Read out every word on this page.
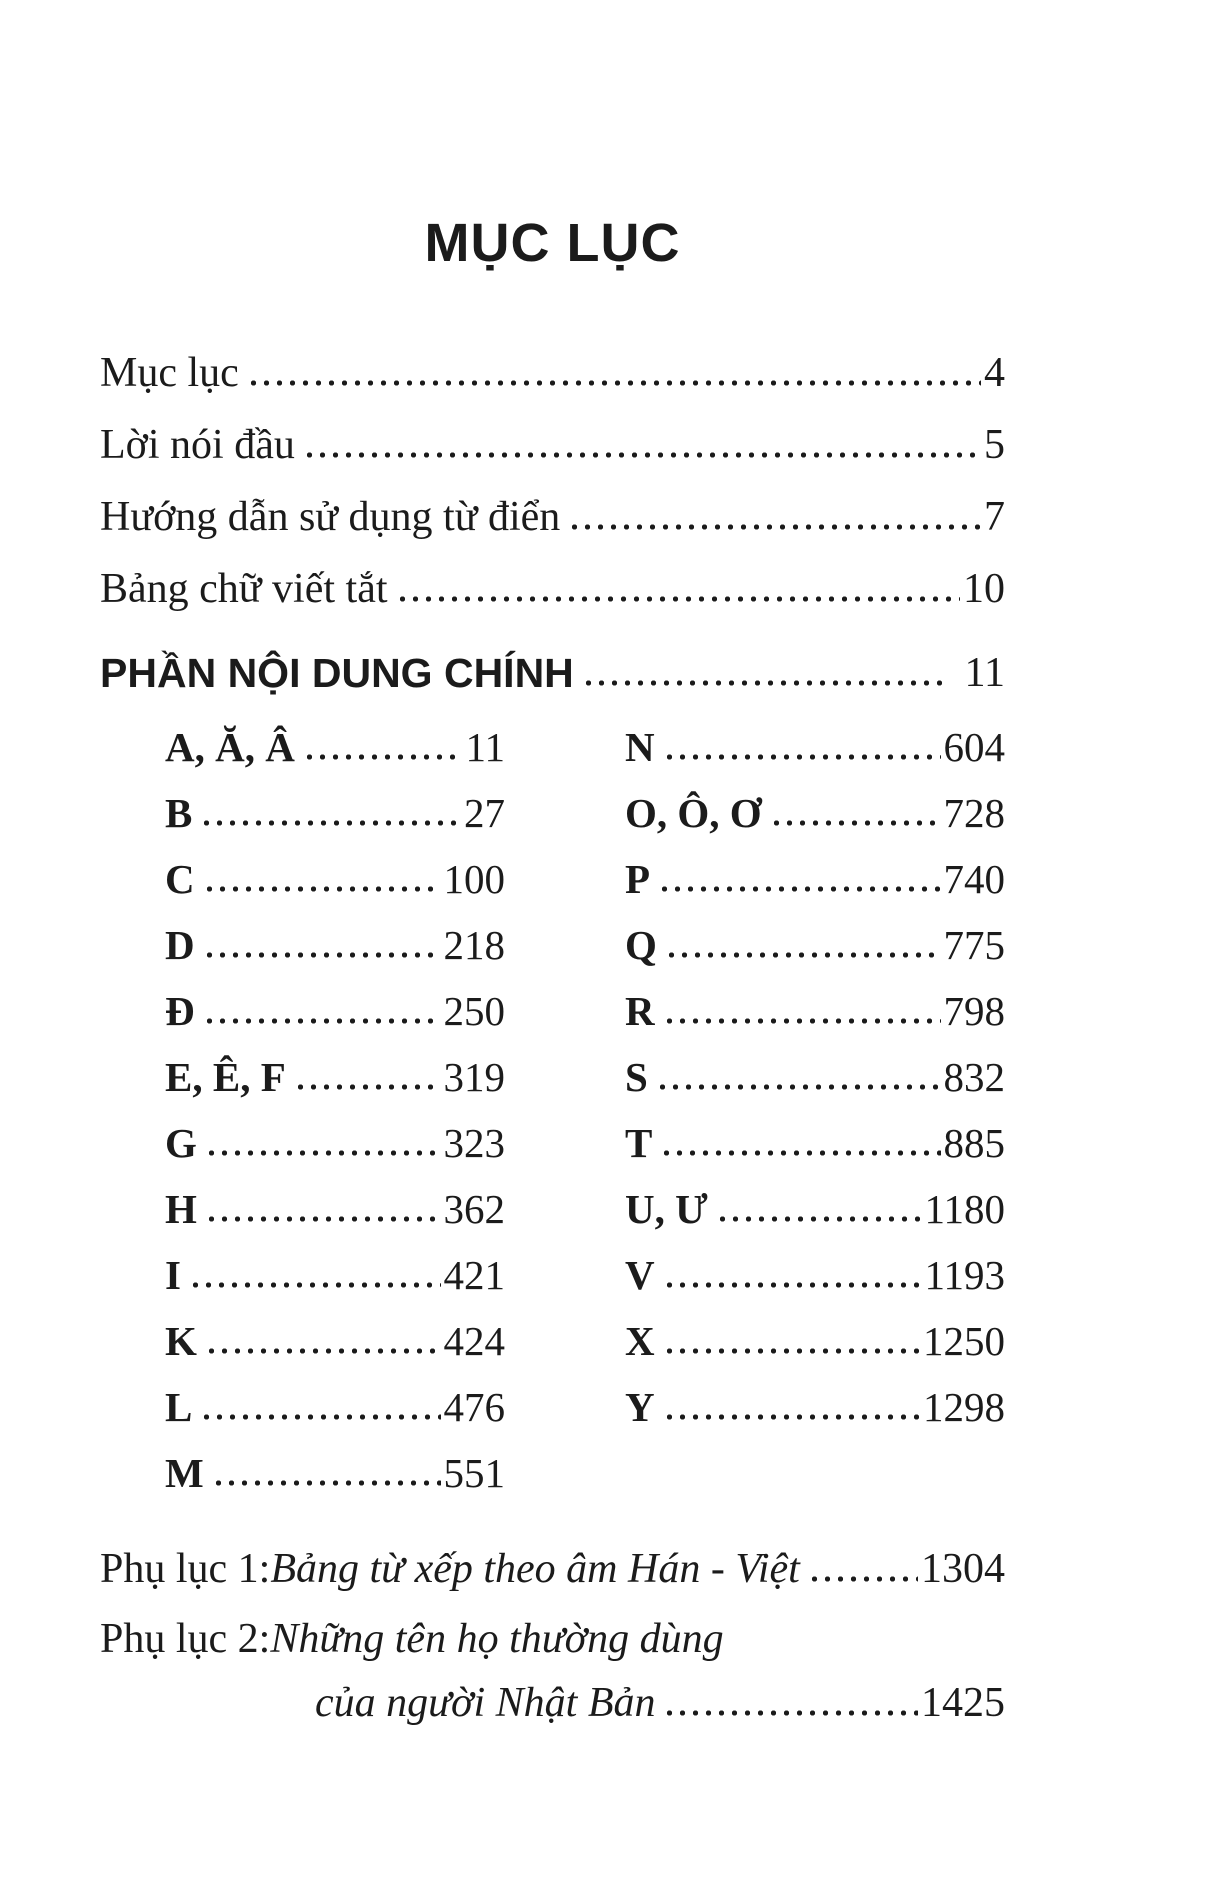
MỤC LỤC
Mục lục	4
Lời nói đầu	5
Hướng dẫn sử dụng từ điển	7
Bảng chữ viết tắt	10
PHẦN NỘI DUNG CHÍNH	11
A, Ă, Â	11
B	27
C	100
D	218
Đ	250
E, Ê, F	319
G	323
H	362
I	421
K	424
L	476
M	551
N	604
O, Ô, Ơ	728
P	740
Q	775
R	798
S	832
T	885
U, Ư	1180
V	1193
X	1250
Y	1298
Phụ lục 1: Bảng từ xếp theo âm Hán - Việt	1304
Phụ lục 2: Những tên họ thường dùng
của người Nhật Bản	1425
